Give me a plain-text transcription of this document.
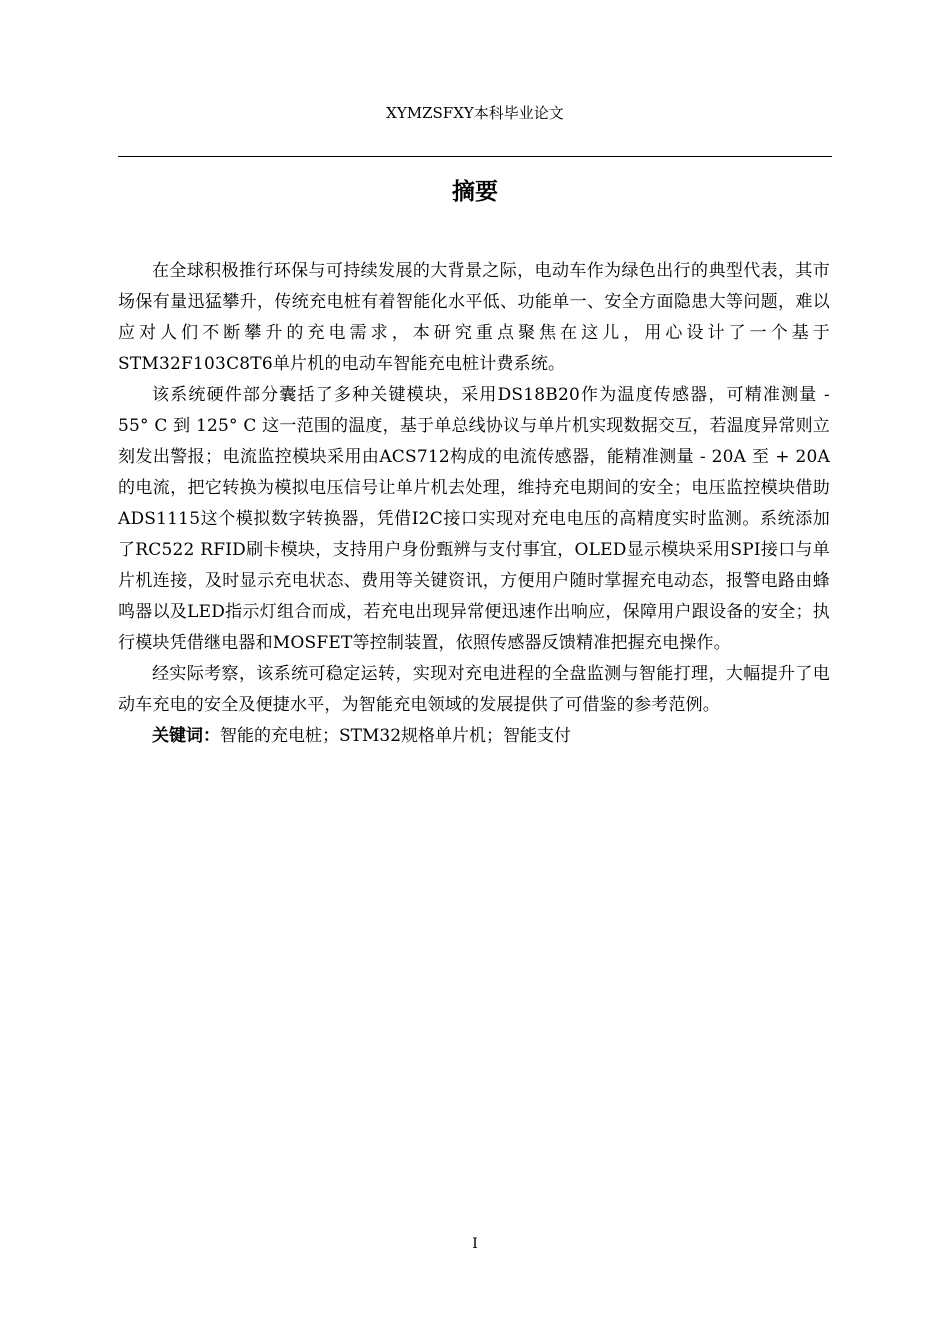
XYMZSFXY本科毕业论文
摘要

在全球积极推行环保与可持续发展的大背景之际，电动车作为绿色出行的典型代表，其市场保有量迅猛攀升，传统充电桩有着智能化水平低、功能单一、安全方面隐患大等问题，难以应对人们不断攀升的充电需求，本研究重点聚焦在这儿，用心设计了一个基于STM32F103C8T6单片机的电动车智能充电桩计费系统。

该系统硬件部分囊括了多种关键模块，采用DS18B20作为温度传感器，可精准测量 - 55° C 到 125° C 这一范围的温度，基于单总线协议与单片机实现数据交互，若温度异常则立刻发出警报；电流监控模块采用由ACS712构成的电流传感器，能精准测量 - 20A 至 + 20A 的电流，把它转换为模拟电压信号让单片机去处理，维持充电期间的安全；电压监控模块借助ADS1115这个模拟数字转换器，凭借I2C接口实现对充电电压的高精度实时监测。系统添加了RC522 RFID刷卡模块，支持用户身份甄辨与支付事宜，OLED显示模块采用SPI接口与单片机连接，及时显示充电状态、费用等关键资讯，方便用户随时掌握充电动态，报警电路由蜂鸣器以及LED指示灯组合而成，若充电出现异常便迅速作出响应，保障用户跟设备的安全；执行模块凭借继电器和MOSFET等控制装置，依照传感器反馈精准把握充电操作。

经实际考察，该系统可稳定运转，实现对充电进程的全盘监测与智能打理，大幅提升了电动车充电的安全及便捷水平，为智能充电领域的发展提供了可借鉴的参考范例。

关键词：智能的充电桩；STM32规格单片机；智能支付

I
